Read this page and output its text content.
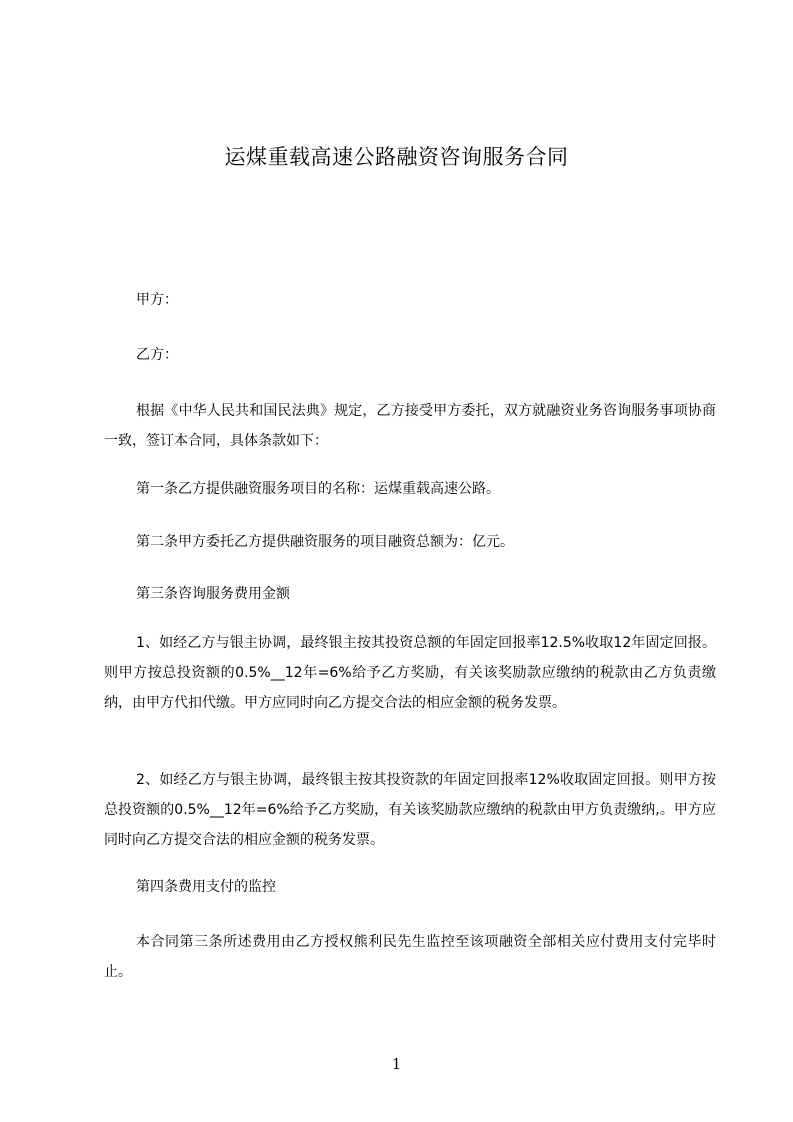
运煤重载高速公路融资咨询服务合同
甲方：
乙方：
根据《中华人民共和国民法典》规定，乙方接受甲方委托，双方就融资业务咨询服务事项协商一致，签订本合同，具体条款如下：
第一条乙方提供融资服务项目的名称：运煤重载高速公路。
第二条甲方委托乙方提供融资服务的项目融资总额为：亿元。
第三条咨询服务费用金额
1、如经乙方与银主协调，最终银主按其投资总额的年固定回报率12.5%收取12年固定回报。则甲方按总投资额的0.5%__12年=6%给予乙方奖励，有关该奖励款应缴纳的税款由乙方负责缴纳，由甲方代扣代缴。甲方应同时向乙方提交合法的相应金额的税务发票。
2、如经乙方与银主协调，最终银主按其投资款的年固定回报率12%收取固定回报。则甲方按总投资额的0.5%__12年=6%给予乙方奖励，有关该奖励款应缴纳的税款由甲方负责缴纳,。甲方应同时向乙方提交合法的相应金额的税务发票。
第四条费用支付的监控
本合同第三条所述费用由乙方授权熊利民先生监控至该项融资全部相关应付费用支付完毕时止。
1
